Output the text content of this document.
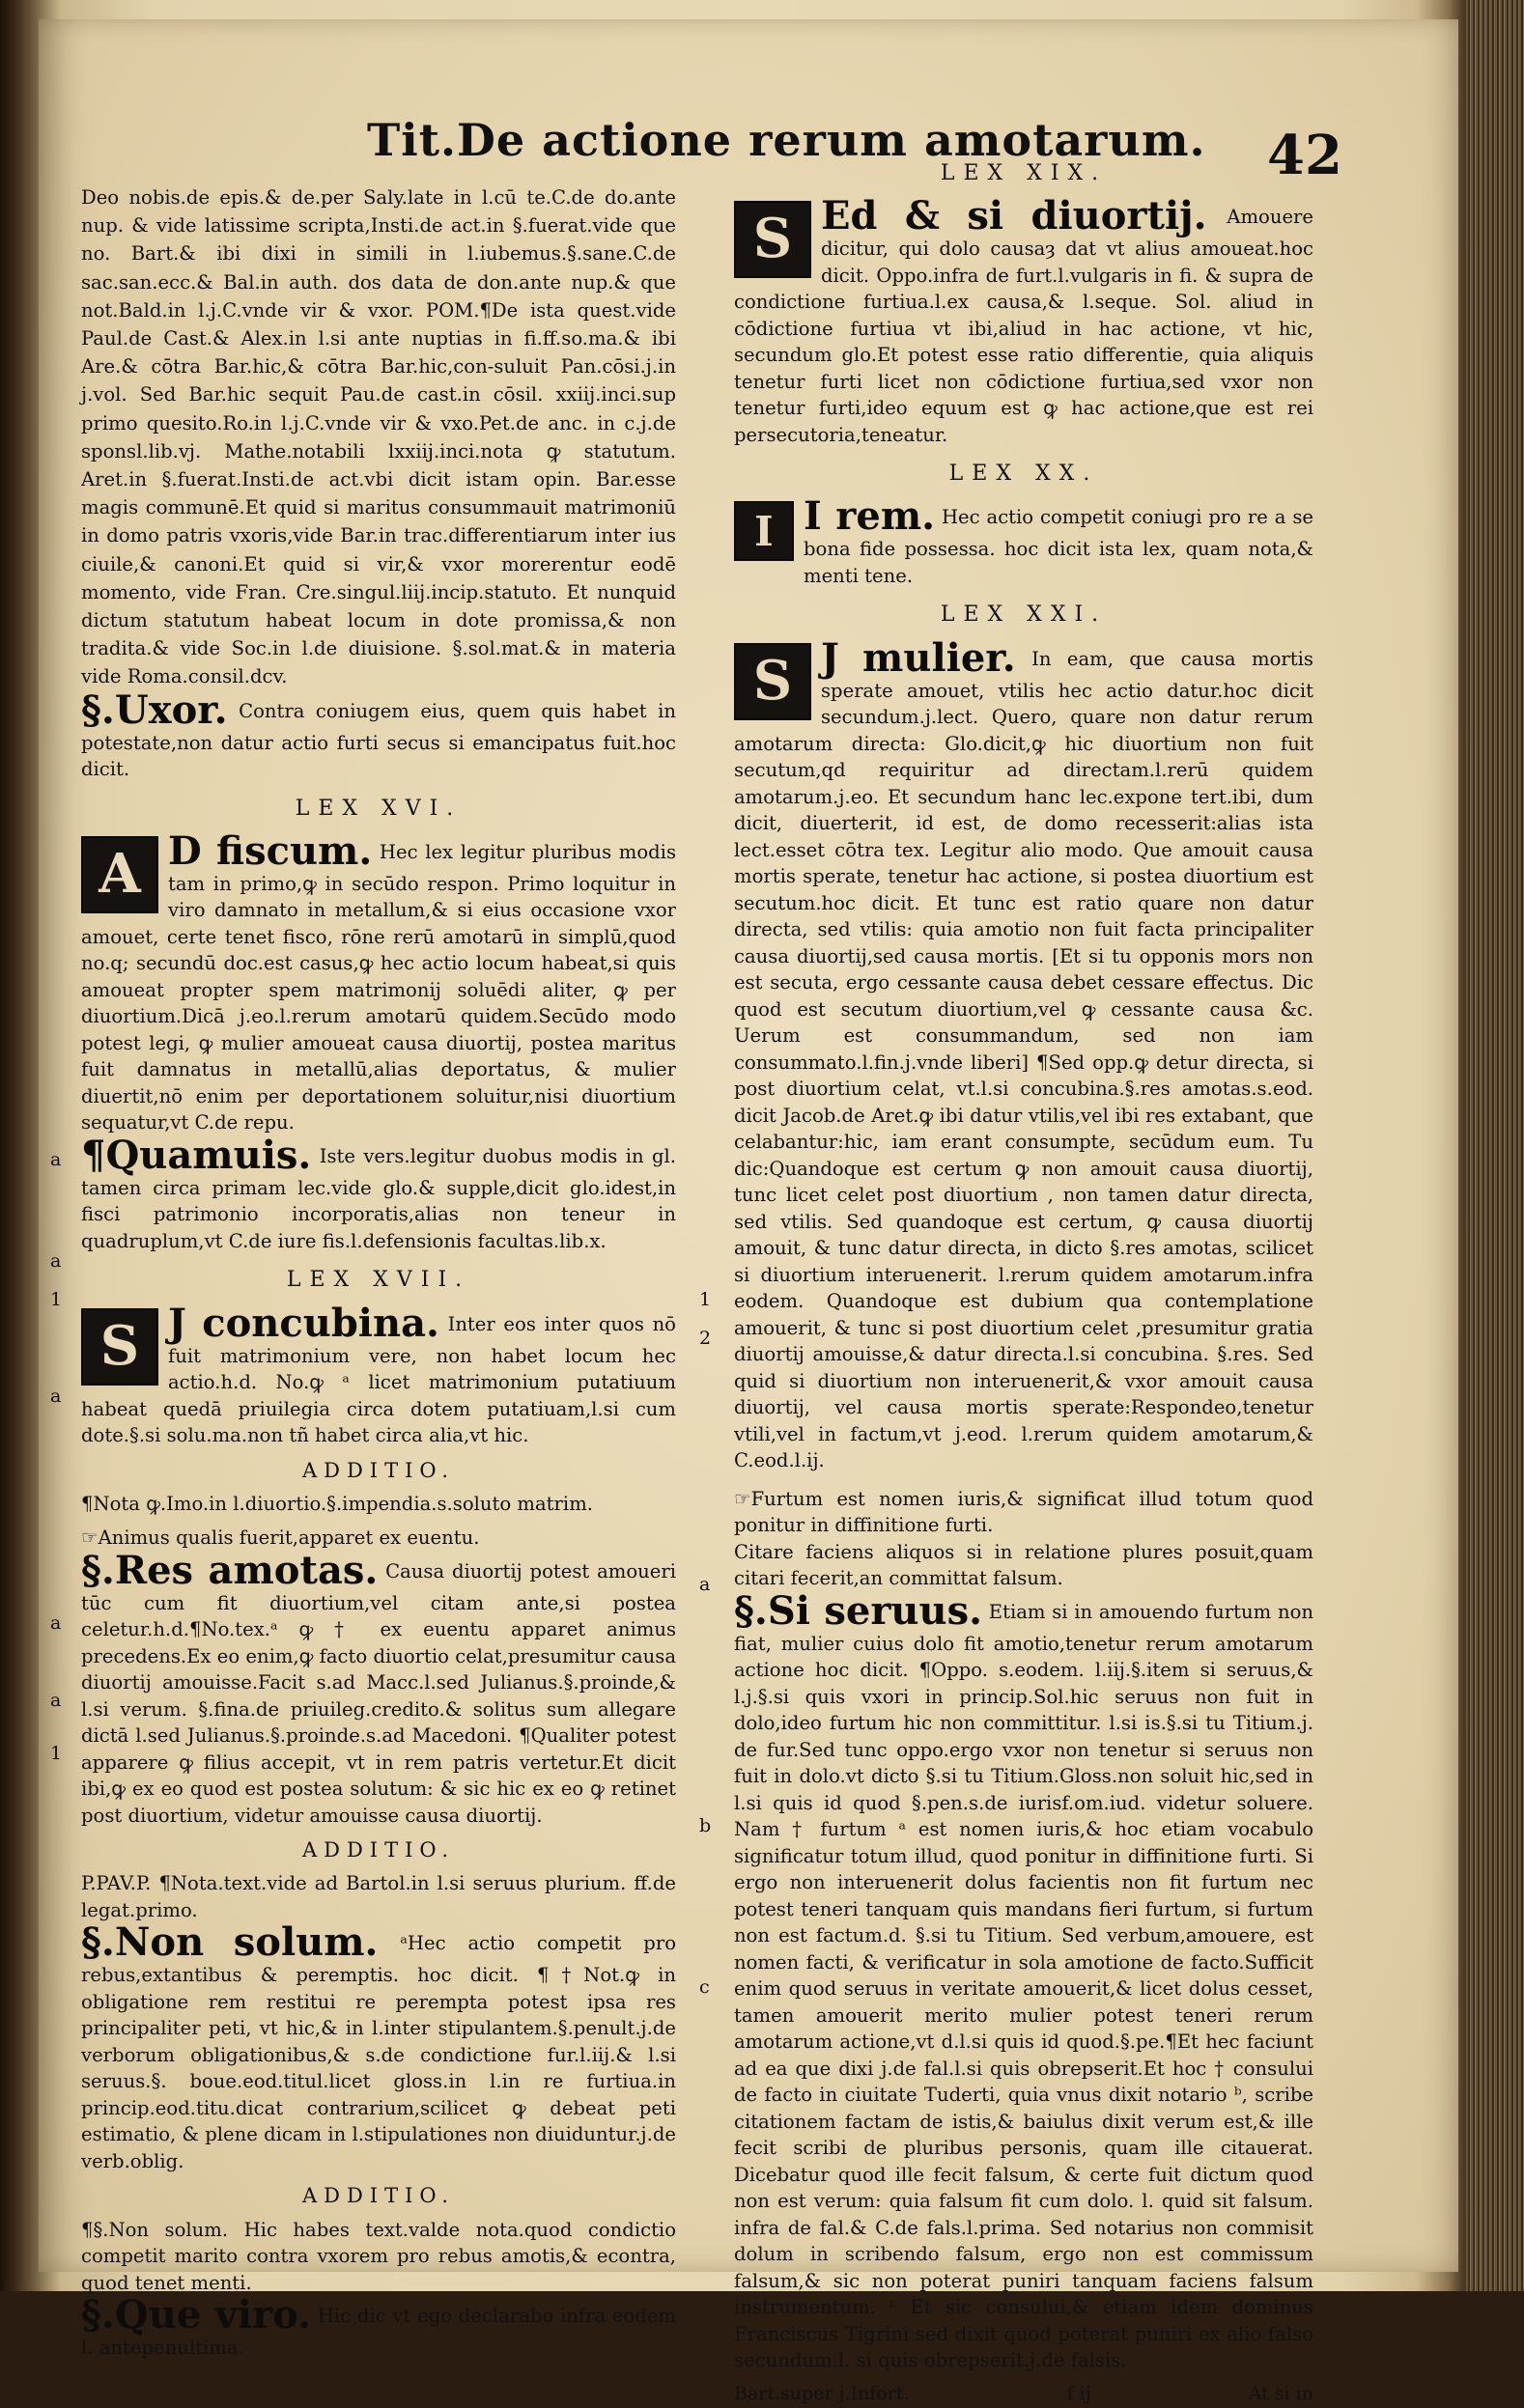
Tit.De actione rerum amotarum. 42

Deo nobis.de epis.& de.per Saly.late in l.cū te.C.de do.ante nup. & vide latissime scripta,Insti.de act.in §.fuerat.vide que no. Bart.& ibi dixi in simili in l.iubemus.§.sane.C.de sac.san.ecc.& Bal.in auth. dos data de don.ante nup.& que not.Bald.in l.j.C.vnde vir & vxor. POM.¶De ista quest.vide Paul.de Cast.& Alex.in l.si ante nuptias in fi.ff.so.ma.& ibi Are.& cōtra Bar.hic,& cōtra Bar.hic,con-suluit Pan.cōsi.j.in j.vol. Sed Bar.hic sequit Pau.de cast.in cōsil. xxiij.inci.sup primo quesito.Ro.in l.j.C.vnde vir & vxo.Pet.de anc. in c.j.de sponsl.lib.vj. Mathe.notabili lxxiij.inci.nota ꝙ statutum. Aret.in §.fuerat.Insti.de act.vbi dicit istam opin. Bar.esse magis communē.Et quid si maritus consummauit matrimoniū in domo patris vxoris,vide Bar.in trac.differentiarum inter ius ciuile,& canoni.Et quid si vir,& vxor morerentur eodē momento, vide Fran. Cre.singul.liij.incip.statuto. Et nunquid dictum statutum habeat locum in dote promissa,& non tradita.& vide Soc.in l.de diuisione. §.sol.mat.& in materia vide Roma.consil.dcv.

§.Uxor. Contra coniugem eius, quem quis habet in potestate,non datur actio furti secus si emancipatus fuit.hoc dicit.

LEX XVI.

A D fiscum. Hec lex legitur pluribus modis tam in primo,ꝙ in secūdo respon. Primo loquitur in viro damnato in metallum,& si eius occasione vxor amouet, certe tenet fisco, rōne rerū amotarū in simplū,quod no.q; secundū doc.est casus,ꝙ hec actio locum habeat,si quis amoueat propter spem matrimonij soluēdi aliter, ꝙ per diuortium.Dicā j.eo.l.rerum amotarū quidem.Secūdo modo potest legi, ꝙ mulier amoueat causa diuortij, postea maritus fuit damnatus in metallū,alias deportatus, & mulier diuertit,nō enim per deportationem soluitur,nisi diuortium sequatur,vt C.de repu.

¶Quamuis. Iste vers.legitur duobus modis in gl. tamen circa primam lec.vide glo.& supple,dicit glo.idest,in fisci patrimonio incorporatis,alias non teneur in quadruplum,vt C.de iure fis.l.defensionis facultas.lib.x.

LEX XVII.

S J concubina. Inter eos inter quos nō fuit matrimonium vere, non habet locum hec actio.h.d. No.ꝙ ᵃ licet matrimonium putatiuum habeat quedā priuilegia circa dotem putatiuam,l.si cum dote.§.si solu.ma.non tñ habet circa alia,vt hic.

ADDITIO.

¶Nota ꝙ.Imo.in l.diuortio.§.impendia.s.soluto matrim.

☞Animus qualis fuerit,apparet ex euentu.

§.Res amotas. Causa diuortij potest amoueri tūc cum fit diuortium,vel citam ante,si postea celetur.h.d.¶No.tex.ᵃ ꝙ † ex euentu apparet animus precedens.Ex eo enim,ꝙ facto diuortio celat,presumitur causa diuortij amouisse.Facit s.ad Macc.l.sed Julianus.§.proinde,& l.si verum. §.fina.de priuileg.credito.& solitus sum allegare dictā l.sed Julianus.§.proinde.s.ad Macedoni. ¶Qualiter potest apparere ꝙ filius accepit, vt in rem patris vertetur.Et dicit ibi,ꝙ ex eo quod est postea solutum: & sic hic ex eo ꝙ retinet post diuortium, videtur amouisse causa diuortij.

ADDITIO.

P.PAV.P. ¶Nota.text.vide ad Bartol.in l.si seruus plurium. ff.de legat.primo.

§.Non solum. ᵃHec actio competit pro rebus,extantibus & peremptis. hoc dicit. ¶†Not.ꝙ in obligatione rem restitui re perempta potest ipsa res principaliter peti, vt hic,& in l.inter stipulantem.§.penult.j.de verborum obligationibus,& s.de condictione fur.l.iij.& l.si seruus.§. boue.eod.titul.licet gloss.in l.in re furtiua.in princip.eod.titu.dicat contrarium,scilicet ꝙ debeat peti estimatio, & plene dicam in l.stipulationes non diuiduntur.j.de verb.oblig.

ADDITIO.

¶§.Non solum. Hic habes text.valde nota.quod condictio competit marito contra vxorem pro rebus amotis,& econtra, quod tenet menti.

§.Que viro. Hic dic vt ego declarabo infra eodem l. antepenultima.

LEX XIX.

S Ed & si diuortij. Amouere dicitur, qui dolo causaȝ dat vt alius amoueat.hoc dicit. Oppo.infra de furt.l.vulgaris in fi. & supra de condictione furtiua.l.ex causa,& l.seque. Sol. aliud in cōdictione furtiua vt ibi,aliud in hac actione, vt hic, secundum glo.Et potest esse ratio differentie, quia aliquis tenetur furti licet non cōdictione furtiua,sed vxor non tenetur furti,ideo equum est ꝙ hac actione,que est rei persecutoria,teneatur.

LEX XX.

I I rem. Hec actio competit coniugi pro re a se bona fide possessa. hoc dicit ista lex, quam nota,& menti tene.

LEX XXI.

S J mulier. In eam, que causa mortis sperate amouet, vtilis hec actio datur.hoc dicit secundum.j.lect. Quero, quare non datur rerum amotarum directa: Glo.dicit,ꝙ hic diuortium non fuit secutum,qd requiritur ad directam.l.rerū quidem amotarum.j.eo. Et secundum hanc lec.expone tert.ibi, dum dicit, diuerterit, id est, de domo recesserit:alias ista lect.esset cōtra tex. Legitur alio modo. Que amouit causa mortis sperate, tenetur hac actione, si postea diuortium est secutum.hoc dicit. Et tunc est ratio quare non datur directa, sed vtilis: quia amotio non fuit facta principaliter causa diuortij,sed causa mortis. [Et si tu opponis mors non est secuta, ergo cessante causa debet cessare effectus. Dic quod est secutum diuortium,vel ꝙ cessante causa &c. Uerum est consummandum, sed non iam consummato.l.fin.j.vnde liberi] ¶Sed opp.ꝙ detur directa, si post diuortium celat, vt.l.si concubina.§.res amotas.s.eod. dicit Jacob.de Aret.ꝙ ibi datur vtilis,vel ibi res extabant, que celabantur:hic, iam erant consumpte, secūdum eum. Tu dic:Quandoque est certum ꝙ non amouit causa diuortij, tunc licet celet post diuortium , non tamen datur directa, sed vtilis. Sed quandoque est certum, ꝙ causa diuortij amouit, & tunc datur directa, in dicto §.res amotas, scilicet si diuortium interuenerit. l.rerum quidem amotarum.infra eodem. Quandoque est dubium qua contemplatione amouerit, & tunc si post diuortium celet ,presumitur gratia diuortij amouisse,& datur directa.l.si concubina. §.res. Sed quid si diuortium non interuenerit,& vxor amouit causa diuortij, vel causa mortis sperate:Respondeo,tenetur vtili,vel in factum,vt j.eod. l.rerum quidem amotarum,& C.eod.l.ij.

☞Furtum est nomen iuris,& significat illud totum quod ponitur in diffinitione furti.

Citare faciens aliquos si in relatione plures posuit,quam citari fecerit,an committat falsum.

§.Si seruus. Etiam si in amouendo furtum non fiat, mulier cuius dolo fit amotio,tenetur rerum amotarum actione hoc dicit. ¶Oppo. s.eodem. l.iij.§.item si seruus,& l.j.§.si quis vxori in princip.Sol.hic seruus non fuit in dolo,ideo furtum hic non committitur. l.si is.§.si tu Titium.j. de fur.Sed tunc oppo.ergo vxor non tenetur si seruus non fuit in dolo.vt dicto §.si tu Titium.Gloss.non soluit hic,sed in l.si quis id quod §.pen.s.de iurisf.om.iud. videtur soluere. Nam † furtum ᵃ est nomen iuris,& hoc etiam vocabulo significatur totum illud, quod ponitur in diffinitione furti. Si ergo non interuenerit dolus facientis non fit furtum nec potest teneri tanquam quis mandans fieri furtum, si furtum non est factum.d. §.si tu Titium. Sed verbum,amouere, est nomen facti, & verificatur in sola amotione de facto.Sufficit enim quod seruus in veritate amouerit,& licet dolus cesset, tamen amouerit merito mulier potest teneri rerum amotarum actione,vt d.l.si quis id quod.§.pe.¶Et hec faciunt ad ea que dixi j.de fal.l.si quis obrepserit.Et hoc † consului de facto in ciuitate Tuderti, quia vnus dixit notario ᵇ, scribe citationem factam de istis,& baiulus dixit verum est,& ille fecit scribi de pluribus personis, quam ille citauerat. Dicebatur quod ille fecit falsum, & certe fuit dictum quod non est verum: quia falsum fit cum dolo. l. quid sit falsum. infra de fal.& C.de fals.l.prima. Sed notarius non commisit dolum in scribendo falsum, ergo non est commissum falsum,& sic non poterat puniri tanquam faciens falsum instrumentum. ᶜ Et sic consului,& etiam idem dominus Franciscus Tigrini sed dixit quod poterat puniri ex alio falso secundum.l. si quis obrepserit.j.de falsis.

Bart.super j.Infort.	f ij	At si in
a
a
1
a
a
a
1
a
1
2
b
c
